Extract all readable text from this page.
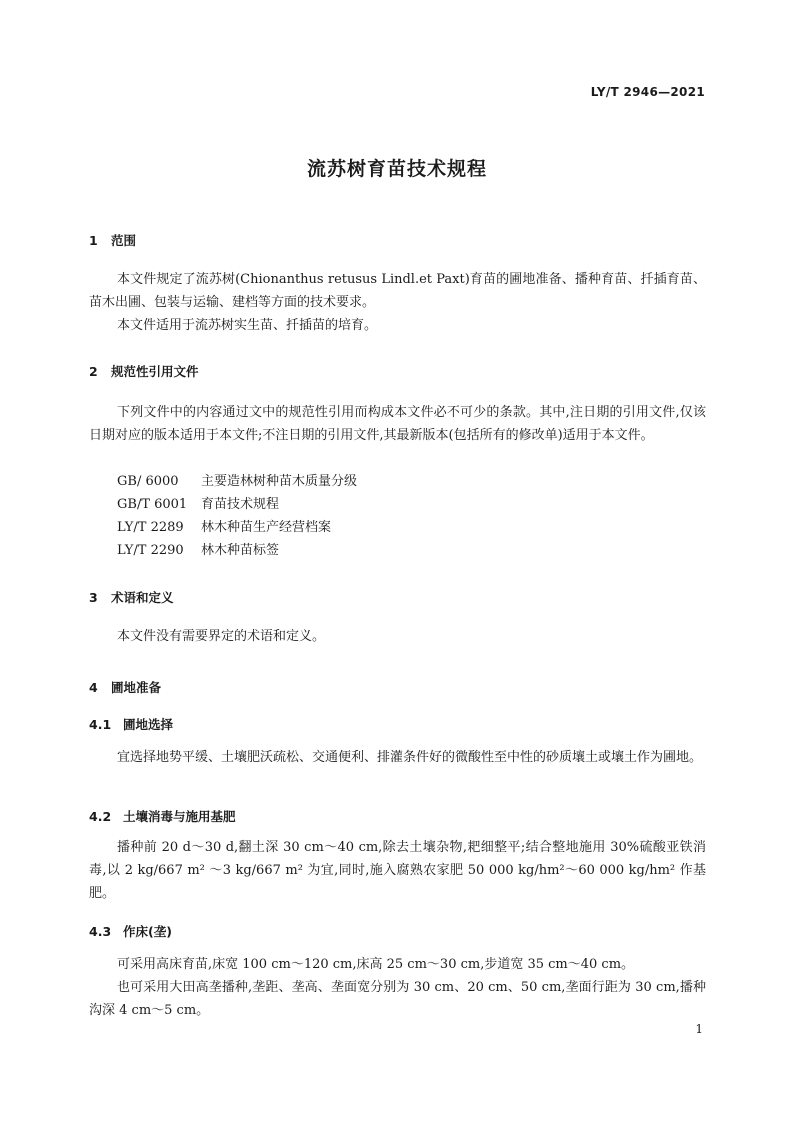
LY/T 2946—2021
流苏树育苗技术规程
1 范围
本文件规定了流苏树(Chionanthus retusus Lindl.et Paxt)育苗的圃地准备、播种育苗、扦插育苗、苗木出圃、包装与运输、建档等方面的技术要求。
本文件适用于流苏树实生苗、扦插苗的培育。
2 规范性引用文件
下列文件中的内容通过文中的规范性引用而构成本文件必不可少的条款。其中,注日期的引用文件,仅该日期对应的版本适用于本文件;不注日期的引用文件,其最新版本(包括所有的修改单)适用于本文件。
GB/ 6000 主要造林树种苗木质量分级
GB/T 6001 育苗技术规程
LY/T 2289 林木种苗生产经营档案
LY/T 2290 林木种苗标签
3 术语和定义
本文件没有需要界定的术语和定义。
4 圃地准备
4.1 圃地选择
宜选择地势平缓、土壤肥沃疏松、交通便利、排灌条件好的微酸性至中性的砂质壤土或壤土作为圃地。
4.2 土壤消毒与施用基肥
播种前 20 d～30 d,翻土深 30 cm～40 cm,除去土壤杂物,耙细整平;结合整地施用 30%硫酸亚铁消毒,以 2 kg/667 m² ～3 kg/667 m² 为宜,同时,施入腐熟农家肥 50 000 kg/hm²～60 000 kg/hm² 作基肥。
4.3 作床(垄)
可采用高床育苗,床宽 100 cm～120 cm,床高 25 cm～30 cm,步道宽 35 cm～40 cm。
也可采用大田高垄播种,垄距、垄高、垄面宽分别为 30 cm、20 cm、50 cm,垄面行距为 30 cm,播种沟深 4 cm～5 cm。
1
